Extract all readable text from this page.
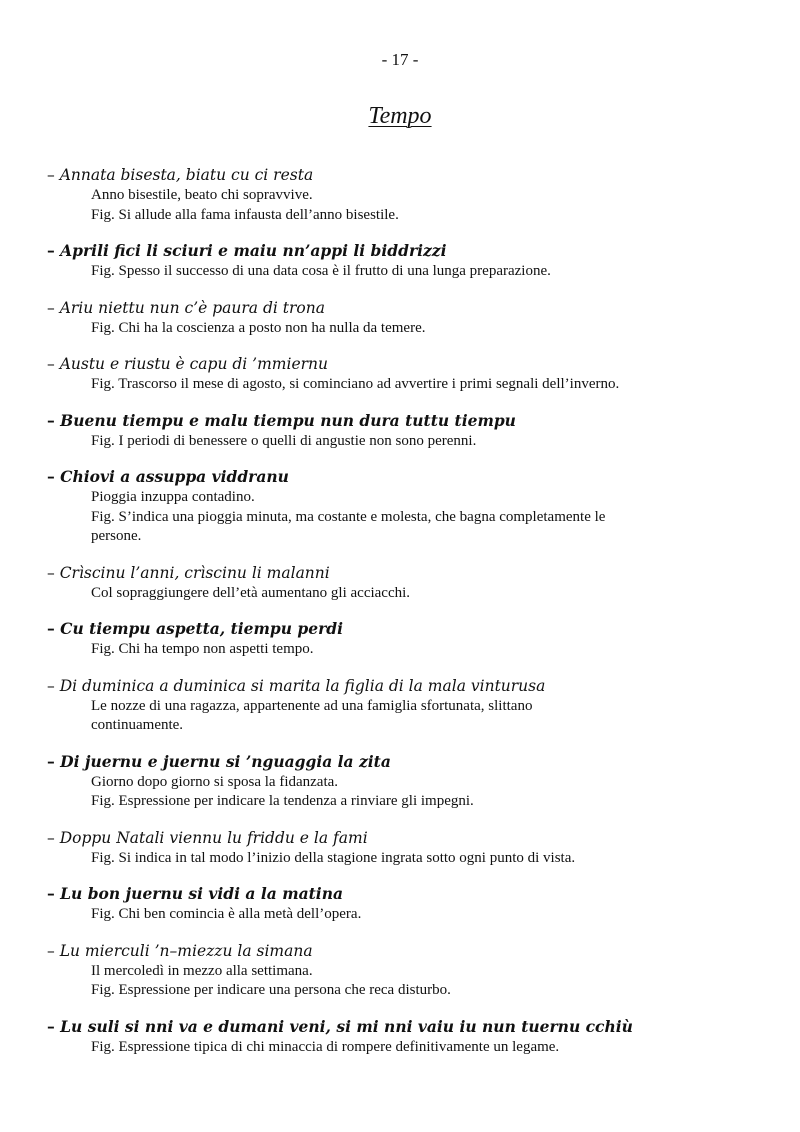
- 17 -
Tempo
– Annata bisesta, biatu cu ci resta
Anno bisestile, beato chi sopravvive.
Fig. Si allude alla fama infausta dell’anno bisestile.
– Aprili fici li sciuri e maiu nn’appi li biddrizzi
Fig. Spesso il successo di una data cosa è il frutto di una lunga preparazione.
– Ariu niettu nun c’è paura di trona
Fig. Chi ha la coscienza a posto non ha nulla da temere.
– Austu e riustu è capu di ’mmiernu
Fig. Trascorso il mese di agosto, si cominciano ad avvertire i primi segnali dell’inverno.
– Buenu tiempu e malu tiempu nun dura tuttu tiempu
Fig. I periodi di benessere o quelli di angustie non sono perenni.
– Chiovi a assuppa viddranu
Pioggia inzuppa contadino.
Fig. S’indica una pioggia minuta, ma costante e molesta, che bagna completamente le
persone.
– Crìscinu l’anni, crìscinu li malanni
Col sopraggiungere dell’età aumentano gli acciacchi.
– Cu tiempu aspetta, tiempu perdi
Fig. Chi ha tempo non aspetti tempo.
– Di duminica a duminica si marita la figlia di la mala vinturusa
Le nozze di una ragazza, appartenente ad una famiglia sfortunata, slittano
continuamente.
– Di juernu e juernu si ’nguaggia la zita
Giorno dopo giorno si sposa la fidanzata.
Fig. Espressione per indicare la tendenza a rinviare gli impegni.
– Doppu Natali viennu lu friddu e la fami
Fig. Si indica in tal modo l’inizio della stagione ingrata sotto ogni punto di vista.
– Lu bon juernu si vidi a la matina
Fig. Chi ben comincia è alla metà dell’opera.
– Lu mierculi ’n–miezzu la simana
Il mercoledì in mezzo alla settimana.
Fig. Espressione per indicare una persona che reca disturbo.
– Lu suli si nni va e dumani veni, si mi nni vaiu iu nun tuernu cchiù
Fig. Espressione tipica di chi minaccia di rompere definitivamente un legame.
